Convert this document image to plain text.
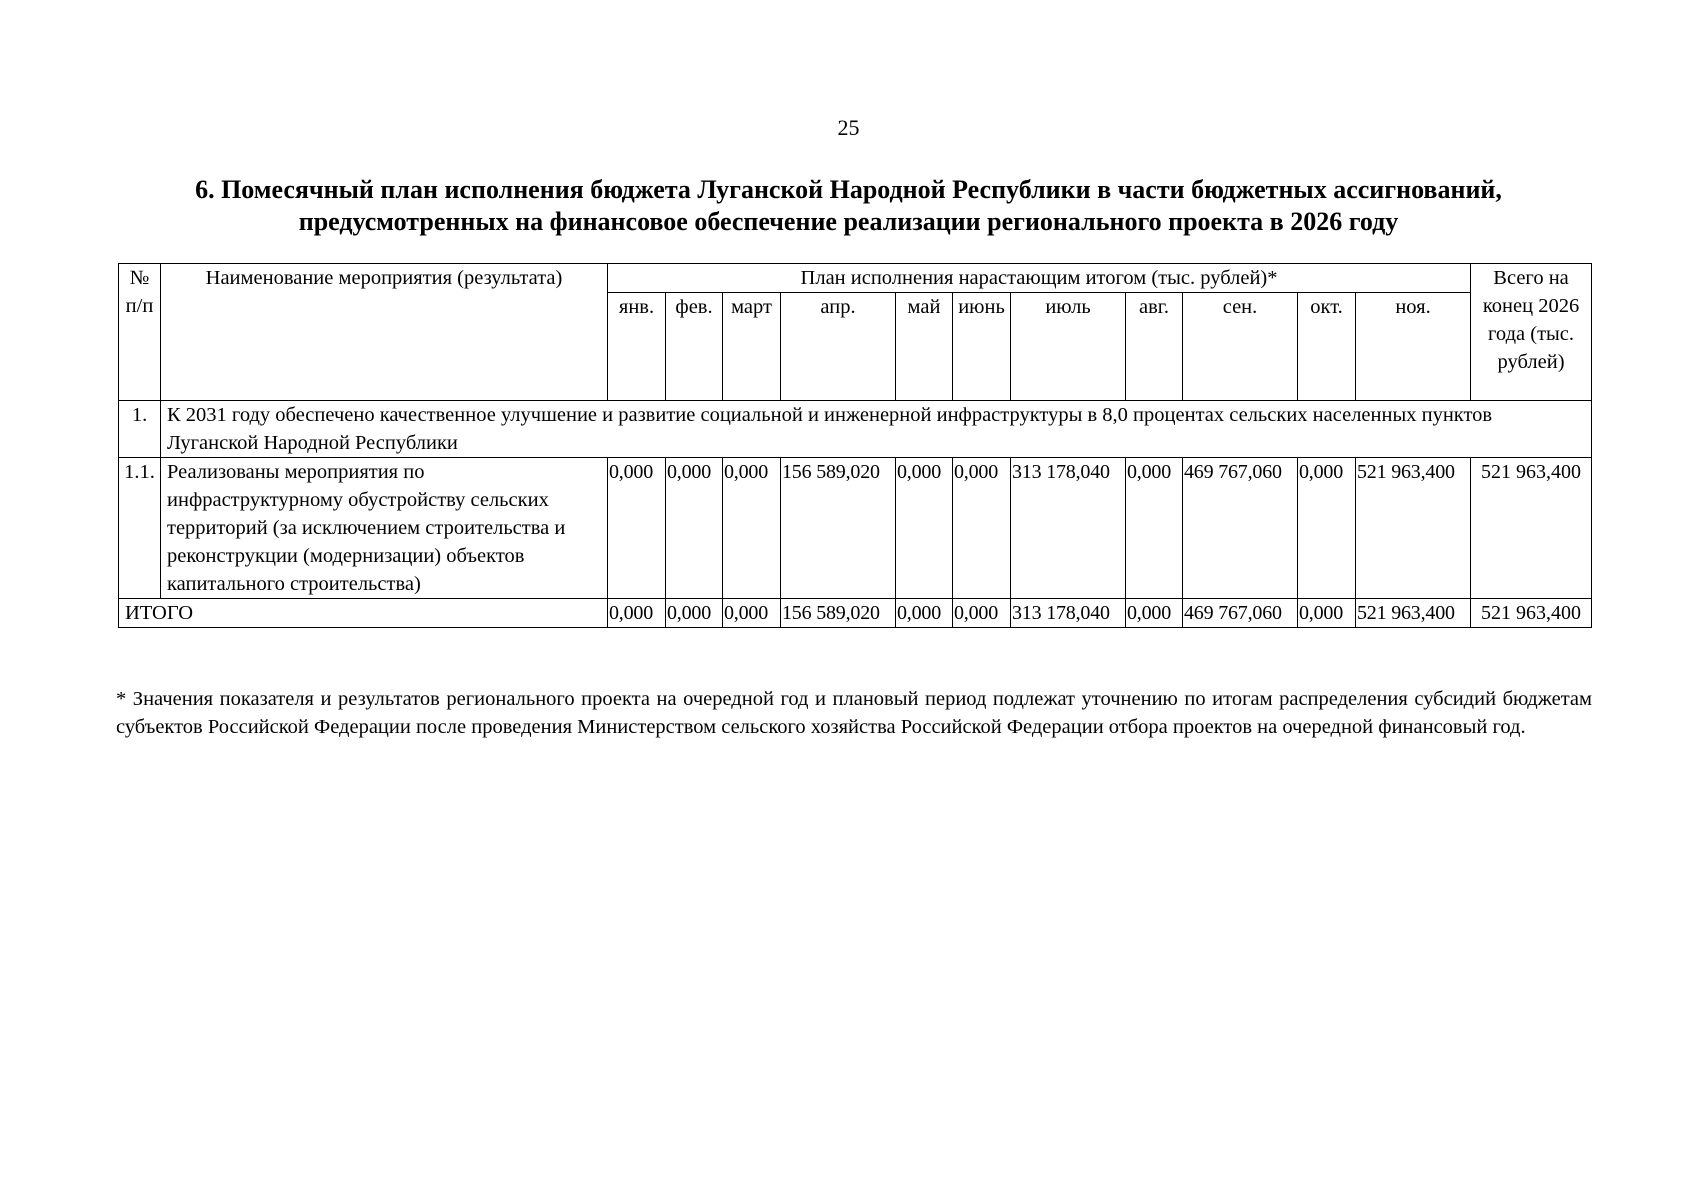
25
6. Помесячный план исполнения бюджета Луганской Народной Республики в части бюджетных ассигнований,
предусмотренных на финансовое обеспечение реализации регионального проекта в 2026 году
№ п/п	Наименование мероприятия (результата)	План исполнения нарастающим итогом (тыс. рублей)*											Всего на конец 2026 года (тыс. рублей)
		янв.	фев.	март	апр.	май	июнь	июль	авг.	сен.	окт.	ноя.	
1.	К 2031 году обеспечено качественное улучшение и развитие социальной и инженерной инфраструктуры в 8,0 процентах сельских населенных пунктов Луганской Народной Республики												
1.1.	Реализованы мероприятия по инфраструктурному обустройству сельских территорий (за исключением строительства и реконструкции (модернизации) объектов капитального строительства)	0,000	0,000	0,000	156 589,020	0,000	0,000	313 178,040	0,000	469 767,060	0,000	521 963,400	521 963,400
ИТОГО		0,000	0,000	0,000	156 589,020	0,000	0,000	313 178,040	0,000	469 767,060	0,000	521 963,400	521 963,400
* Значения показателя и результатов регионального проекта на очередной год и плановый период подлежат уточнению по итогам распределения субсидий бюджетам субъектов Российской Федерации после проведения Министерством сельского хозяйства Российской Федерации отбора проектов на очередной финансовый год.
